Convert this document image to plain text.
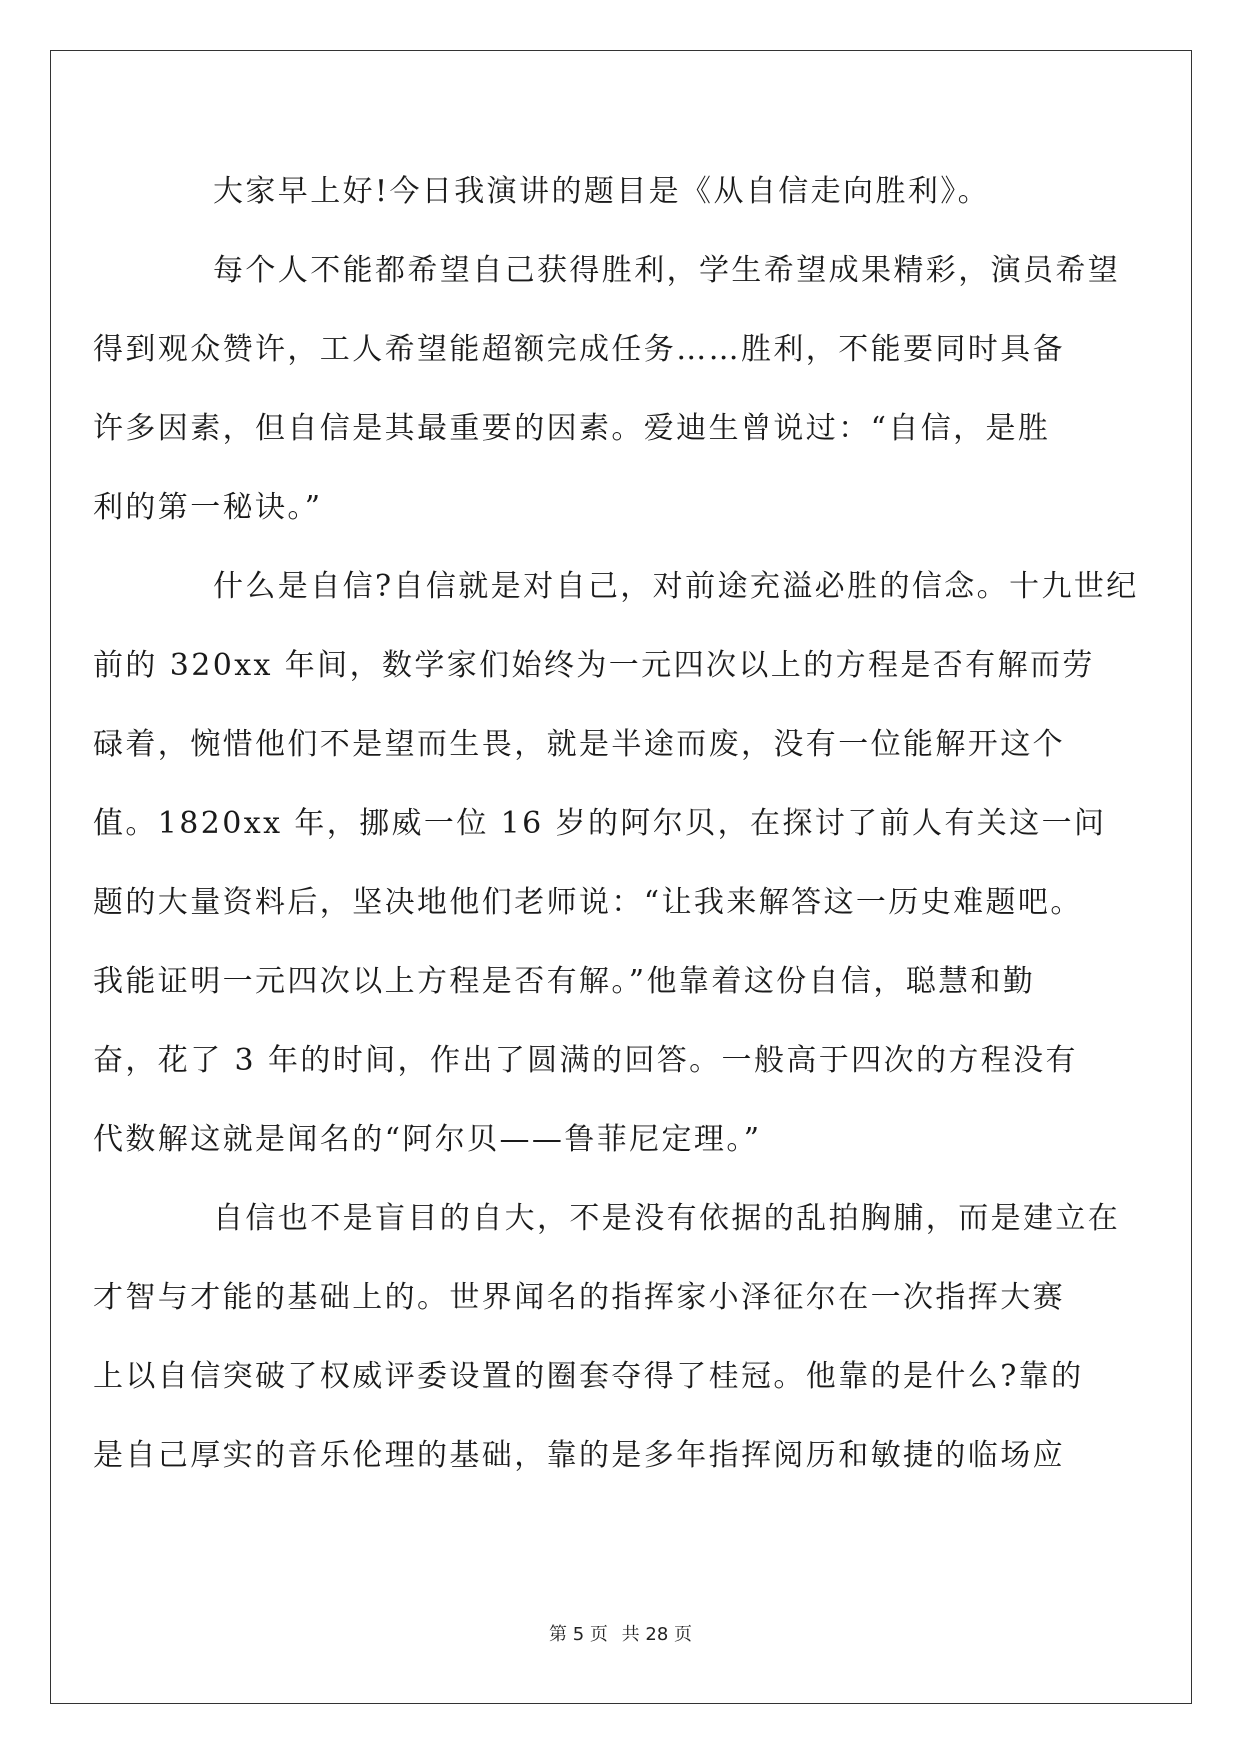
大家早上好!今日我演讲的题目是《从自信走向胜利》。

每个人不能都希望自己获得胜利，学生希望成果精彩，演员希望
得到观众赞许，工人希望能超额完成任务……胜利，不能要同时具备
许多因素，但自信是其最重要的因素。爱迪生曾说过：“自信，是胜
利的第一秘诀。”

什么是自信?自信就是对自己，对前途充溢必胜的信念。十九世纪
前的 320xx 年间，数学家们始终为一元四次以上的方程是否有解而劳
碌着，惋惜他们不是望而生畏，就是半途而废，没有一位能解开这个
值。1820xx 年，挪威一位 16 岁的阿尔贝，在探讨了前人有关这一问
题的大量资料后，坚决地他们老师说：“让我来解答这一历史难题吧。
我能证明一元四次以上方程是否有解。”他靠着这份自信，聪慧和勤
奋，花了 3 年的时间，作出了圆满的回答。一般高于四次的方程没有
代数解这就是闻名的“阿尔贝——鲁菲尼定理。”

自信也不是盲目的自大，不是没有依据的乱拍胸脯，而是建立在
才智与才能的基础上的。世界闻名的指挥家小泽征尔在一次指挥大赛
上以自信突破了权威评委设置的圈套夺得了桂冠。他靠的是什么?靠的
是自己厚实的音乐伦理的基础，靠的是多年指挥阅历和敏捷的临场应

第 5 页 共 28 页
